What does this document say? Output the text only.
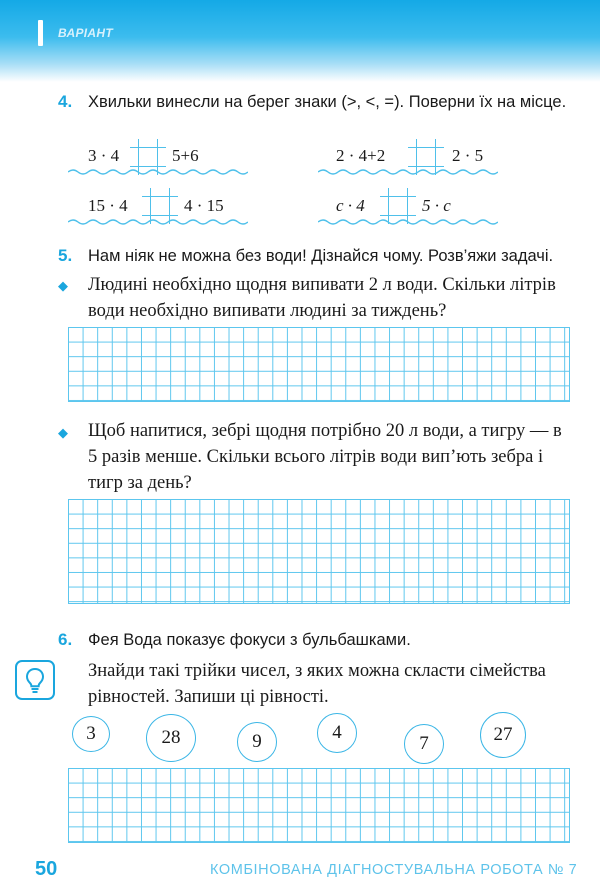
ВАРІАНТ
4. Хвильки винесли на берег знаки (>, <, =). Поверни їх на місце.
3 · 4	5+6	2 · 4+2	2 · 5
15 · 4	4 · 15	c · 4	5 · c
5. Нам ніяк не можна без води! Дізнайся чому. Розв’яжи задачі.
◆ Людині необхідно щодня випивати 2 л води. Скільки літрів води необхідно випивати людині за тиждень?
◆ Щоб напитися, зебрі щодня потрібно 20 л води, а тигру — в 5 разів менше. Скільки всього літрів води вип’ють зебра і тигр за день?
6. Фея Вода показує фокуси з бульбашками.
Знайди такі трійки чисел, з яких можна скласти сімейства рівностей. Запиши ці рівності.
3	28	9	4
7	27
50	КОМБІНОВАНА ДІАГНОСТУВАЛЬНА РОБОТА № 7
